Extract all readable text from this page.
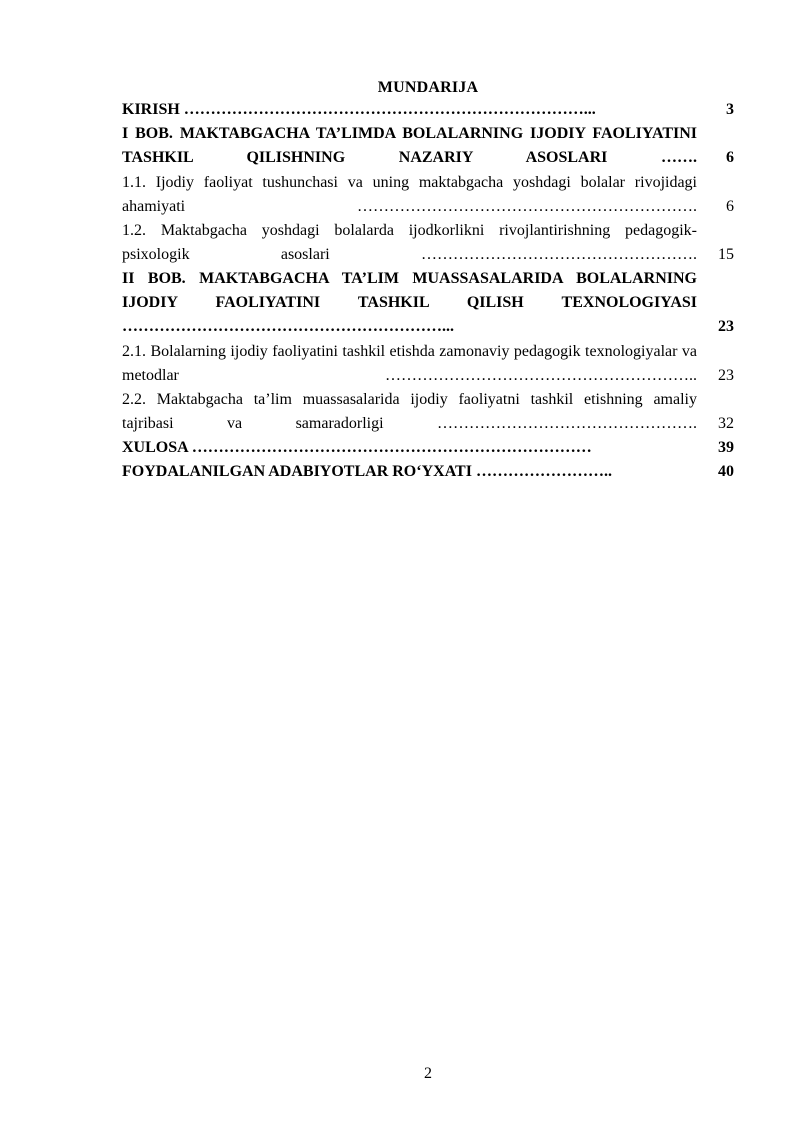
MUNDARIJA
KIRISH …………………………………………………………………...	3
I BOB. MAKTABGACHA TA’LIMDA BOLALARNING IJODIY FAOLIYATINI TASHKIL QILISHNING NAZARIY ASOSLARI …….	6
1.1. Ijodiy faoliyat tushunchasi va uning maktabgacha yoshdagi bolalar rivojidagi ahamiyati ……………………………………………………….	6
1.2. Maktabgacha yoshdagi bolalarda ijodkorlikni rivojlantirishning pedagogik-psixologik asoslari …………………………………………….	15
II BOB. MAKTABGACHA TA’LIM MUASSASALARIDA BOLALARNING IJODIY FAOLIYATINI TASHKIL QILISH TEXNOLOGIYASI ……………………………………………………...	23
2.1. Bolalarning ijodiy faoliyatini tashkil etishda zamonaviy pedagogik texnologiyalar va metodlar …………………………………………………..	23
2.2. Maktabgacha ta’lim muassasalarida ijodiy faoliyatni tashkil etishning amaliy tajribasi va samaradorligi ………………………………………….	32
XULOSA …………………………………………………………………	39
FOYDALANILGAN ADABIYOTLAR RO‘YXATI ……………………..	40
2
